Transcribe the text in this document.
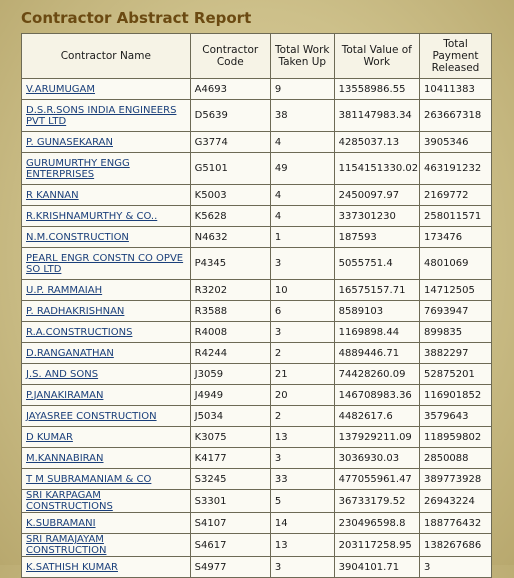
Contractor Abstract Report
Contractor Name	Contractor Code	Total Work Taken Up	Total Value of Work	Total Payment Released
V.ARUMUGAM	A4693	9	13558986.55	10411383
D.S.R.SONS INDIA ENGINEERS PVT LTD	D5639	38	381147983.34	263667318
P. GUNASEKARAN	G3774	4	4285037.13	3905346
GURUMURTHY ENGG ENTERPRISES	G5101	49	1154151330.02	463191232
R KANNAN	K5003	4	2450097.97	2169772
R.KRISHNAMURTHY & CO..	K5628	4	337301230	258011571
N.M.CONSTRUCTION	N4632	1	187593	173476
PEARL ENGR CONSTN CO OPVE SO LTD	P4345	3	5055751.4	4801069
U.P. RAMMAIAH	R3202	10	16575157.71	14712505
P. RADHAKRISHNAN	R3588	6	8589103	7693947
R.A.CONSTRUCTIONS	R4008	3	1169898.44	899835
D.RANGANATHAN	R4244	2	4889446.71	3882297
J.S. AND SONS	J3059	21	74428260.09	52875201
P.JANAKIRAMAN	J4949	20	146708983.36	116901852
JAYASREE CONSTRUCTION	J5034	2	4482617.6	3579643
D KUMAR	K3075	13	137929211.09	118959802
M.KANNABIRAN	K4177	3	3036930.03	2850088
T M SUBRAMANIAM & CO	S3245	33	477055961.47	389773928
SRI KARPAGAM CONSTRUCTIONS	S3301	5	36733179.52	26943224
K.SUBRAMANI	S4107	14	230496598.8	188776432
SRI RAMAJAYAM CONSTRUCTION	S4617	13	203117258.95	138267686
K.SATHISH KUMAR	S4977	3	3904101.71	3
